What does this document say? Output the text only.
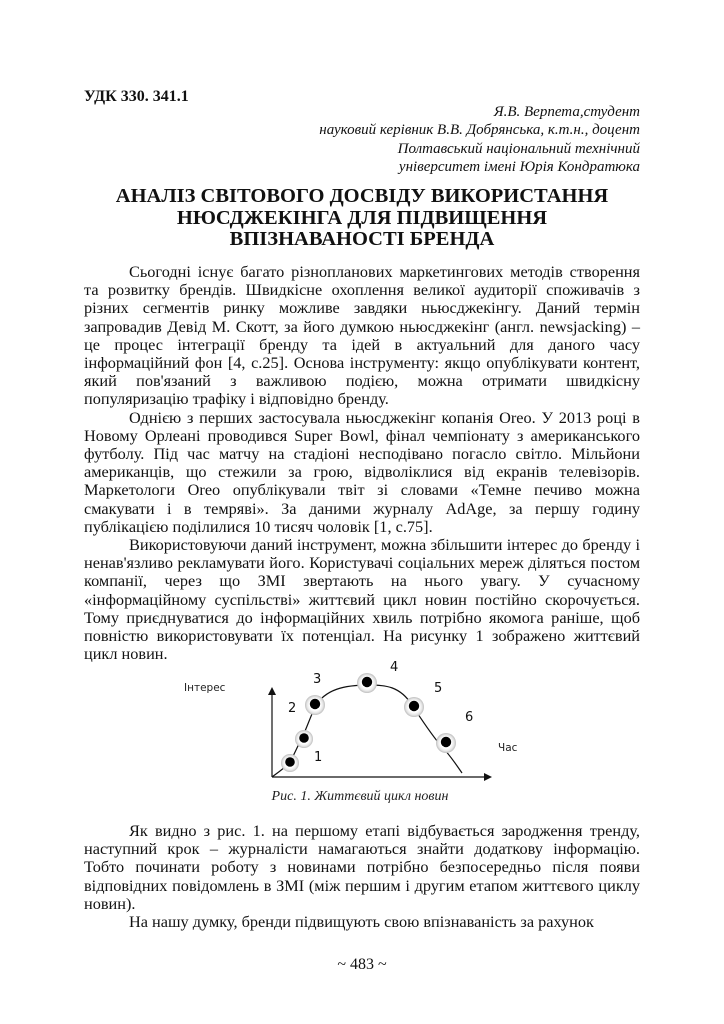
УДК 330. 341.1
Я.В. Верпета,студент
науковий керівник В.В. Добрянська, к.т.н., доцент
Полтавський національний технічний
університет імені Юрія Кондратюка
АНАЛІЗ СВІТОВОГО ДОСВІДУ ВИКОРИСТАННЯ
НЮСДЖЕКІНГА ДЛЯ ПІДВИЩЕННЯ
ВПІЗНАВАНОСТІ БРЕНДА

Сьогодні існує багато різнопланових маркетингових методів створення та розвитку брендів. Швидкісне охоплення великої аудиторії споживачів з різних сегментів ринку можливе завдяки ньюсджекінгу. Даний термін запровадив Девід М. Скотт, за його думкою ньюсджекінг (англ. newsjacking) – це процес інтеграції бренду та ідей в актуальний для даного часу інформаційний фон [4, с.25]. Основа інструменту: якщо опублікувати контент, який пов'язаний з важливою подією, можна отримати швидкісну популяризацію трафіку і відповідно бренду.

Однією з перших застосувала ньюсджекінг копанія Oreo. У 2013 році в Новому Орлеані проводився Super Bowl, фінал чемпіонату з американського футболу. Під час матчу на стадіоні несподівано погасло світло. Мільйони американців, що стежили за грою, відволіклися від екранів телевізорів. Маркетологи Oreo опублікували твіт зі словами «Темне печиво можна смакувати і в темряві». За даними журналу AdAge, за першу годину публікацією поділилися 10 тисяч чоловік [1, с.75].

Використовуючи даний інструмент, можна збільшити інтерес до бренду і ненав'язливо рекламувати його. Користувачі соціальних мереж діляться постом компанії, через що ЗМІ звертають на нього увагу. У сучасному «інформаційному суспільстві» життєвий цикл новин постійно скорочується. Тому приєднуватися до інформаційних хвиль потрібно якомога раніше, щоб повністю використовувати їх потенціал. На рисунку 1 зображено життєвий цикл новин.

Інтерес
Час
1
2
3
4
5
6
Рис. 1. Життєвий цикл новин

Як видно з рис. 1. на першому етапі відбувається зародження тренду, наступний крок – журналісти намагаються знайти додаткову інформацію. Тобто починати роботу з новинами потрібно безпосередньо після появи відповідних повідомлень в ЗМІ (між першим і другим етапом життєвого циклу новин).

На нашу думку, бренди підвищують свою впізнаваність за рахунок

~ 483 ~
